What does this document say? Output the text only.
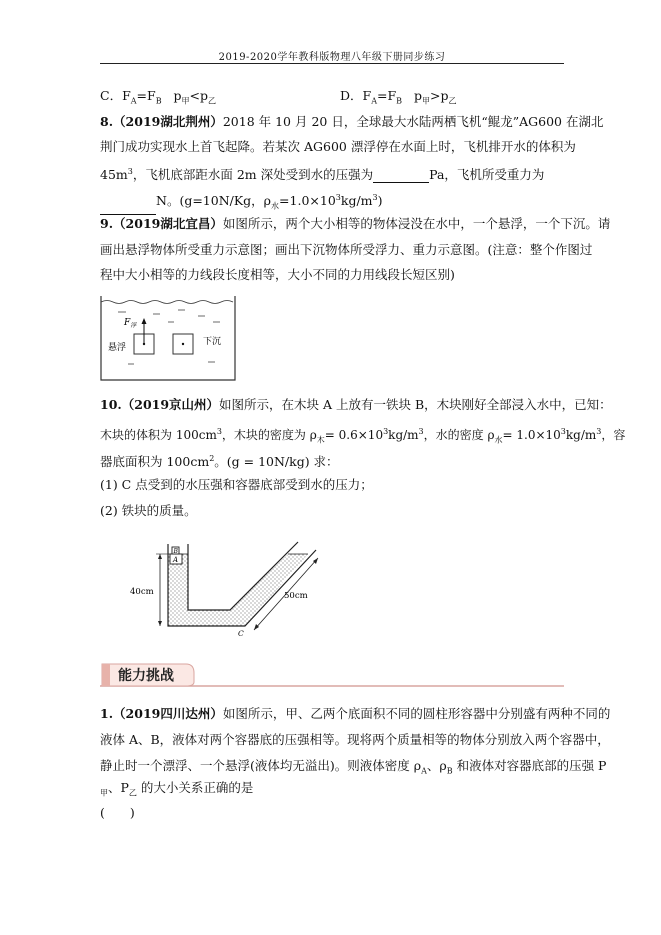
2019-2020学年教科版物理八年级下册同步练习
C．$F_A=F_B$ $p_甲<p_乙$	D．$F_A=F_B$ $p_甲>p_乙$
8.（2019湖北荆州）2018 年 10 月 20 日，全球最大水陆两栖飞机“鲲龙”AG600 在湖北
荆门成功实现水上首飞起降。若某次 AG600 漂浮停在水面上时，飞机排开水的体积为
$45m^3$，飞机底部距水面 2m 深处受到水的压强为	Pa，飞机所受重力为
N。(g=10N/Kg，$\rho_水=1.0\times 10^3kg/m^3$)
9.（2019湖北宜昌）如图所示，两个大小相等的物体浸没在水中，一个悬浮，一个下沉。请
画出悬浮物体所受重力示意图；画出下沉物体所受浮力、重力示意图。(注意：整个作图过
程中大小相等的力线段长度相等，大小不同的力用线段长短区别)
$F_浮$
悬浮
下沉
10.（2019京山州）如图所示，在木块 A 上放有一铁块 B，木块刚好全部浸入水中，已知：
木块的体积为 $100cm^3$，木块的密度为 $\rho_木= 0.6\times 10^3kg/m^3$，水的密度 $\rho_水= 1.0\times 10^3kg/m^3$，容
器底面积为 $100cm^2$。(g = 10N/kg) 求：
(1) C 点受到的水压强和容器底部受到水的压力；
(2) 铁块的质量。
A
B
40cm	50cm
C
能力挑战
1.（2019四川达州）如图所示，甲、乙两个底面积不同的圆柱形容器中分别盛有两种不同的
液体 A、B，液体对两个容器底的压强相等。现将两个质量相等的物体分别放入两个容器中，
静止时一个漂浮、一个悬浮(液体均无溢出)。则液体密度 $\rho_A$、$\rho_B$ 和液体对容器底部的压强 P
$_甲$、$P_乙$ 的大小关系正确的是
(　　)
